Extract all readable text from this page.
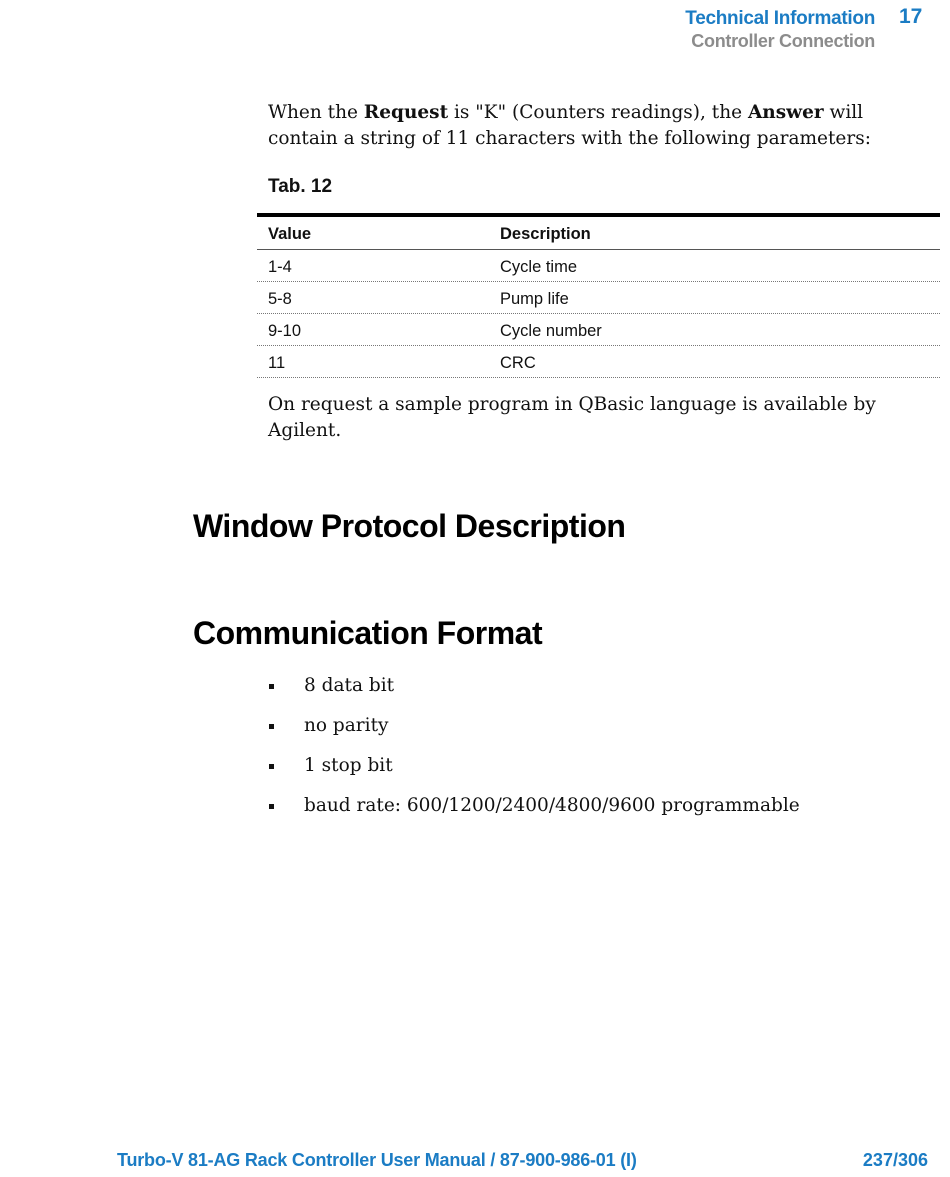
Technical Information 17
Controller Connection
When the Request is "K" (Counters readings), the Answer will contain a string of 11 characters with the following parameters:
Tab. 12
Value	Description
1-4	Cycle time
5-8	Pump life
9-10	Cycle number
11	CRC
On request a sample program in QBasic language is available by Agilent.
Window Protocol Description
Communication Format
8 data bit
no parity
1 stop bit
baud rate: 600/1200/2400/4800/9600 programmable
Turbo-V 81-AG Rack Controller User Manual / 87-900-986-01 (I)	237/306
